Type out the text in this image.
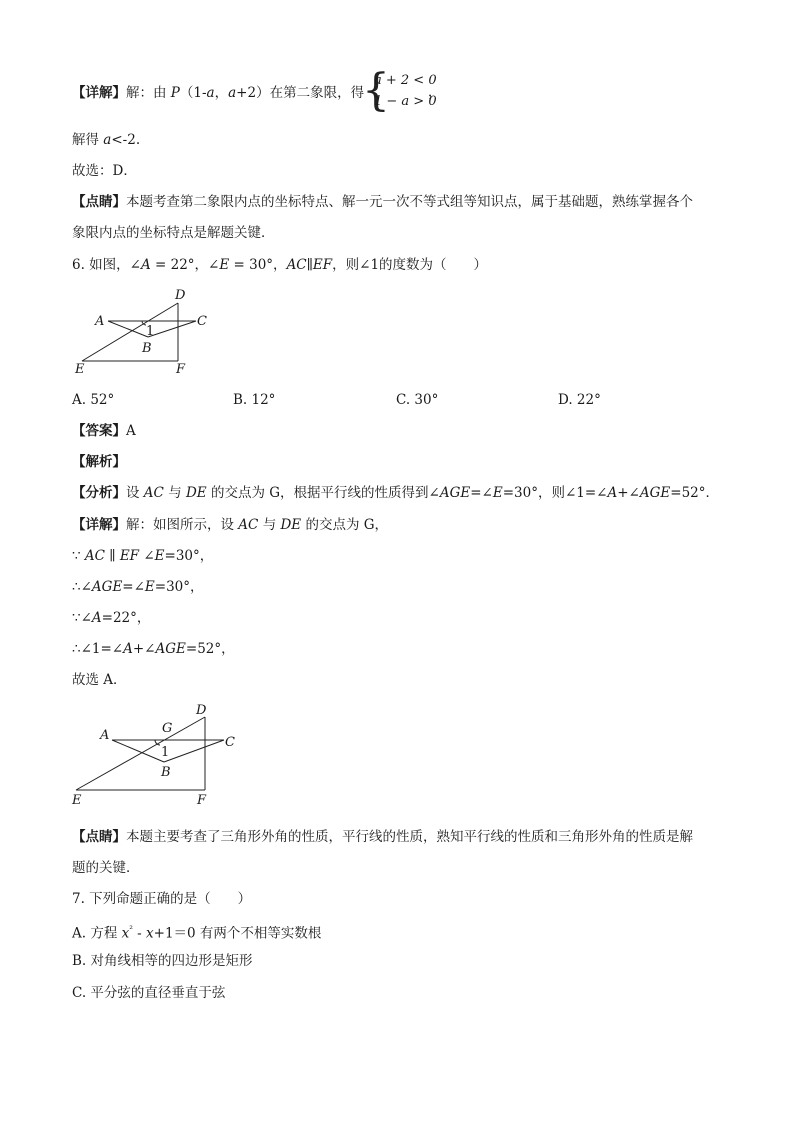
【详解】解：由 P（1-a，a+2）在第二象限，得
{
a + 2 < 0
1 − a > 0
，
解得 a<-2.
故选：D．
【点睛】本题考查第二象限内点的坐标特点、解一元一次不等式组等知识点，属于基础题，熟练掌握各个
象限内点的坐标特点是解题关键．
6. 如图，∠A = 22°，∠E = 30°，AC∥EF，则∠1的度数为（　　）
D
A	C
1
B
E	F
A. 52°	B. 12°	C. 30°	D. 22°
【答案】A
【解析】
【分析】设 AC 与 DE 的交点为 G，根据平行线的性质得到∠AGE=∠E=30°，则∠1=∠A+∠AGE=52°．
【详解】解：如图所示，设 AC 与 DE 的交点为 G，
∵ AC ∥ EF ∠E=30°，
∴∠AGE=∠E=30°，
∵∠A=22°，
∴∠1=∠A+∠AGE=52°，
故选 A．
D
G
A	C
1
B
E	F
【点睛】本题主要考查了三角形外角的性质，平行线的性质，熟知平行线的性质和三角形外角的性质是解
题的关键．
7. 下列命题正确的是（　　）
A. 方程 $x^{^2} - x+1=0$ 有两个不相等实数根
B. 对角线相等的四边形是矩形
C. 平分弦的直径垂直于弦
